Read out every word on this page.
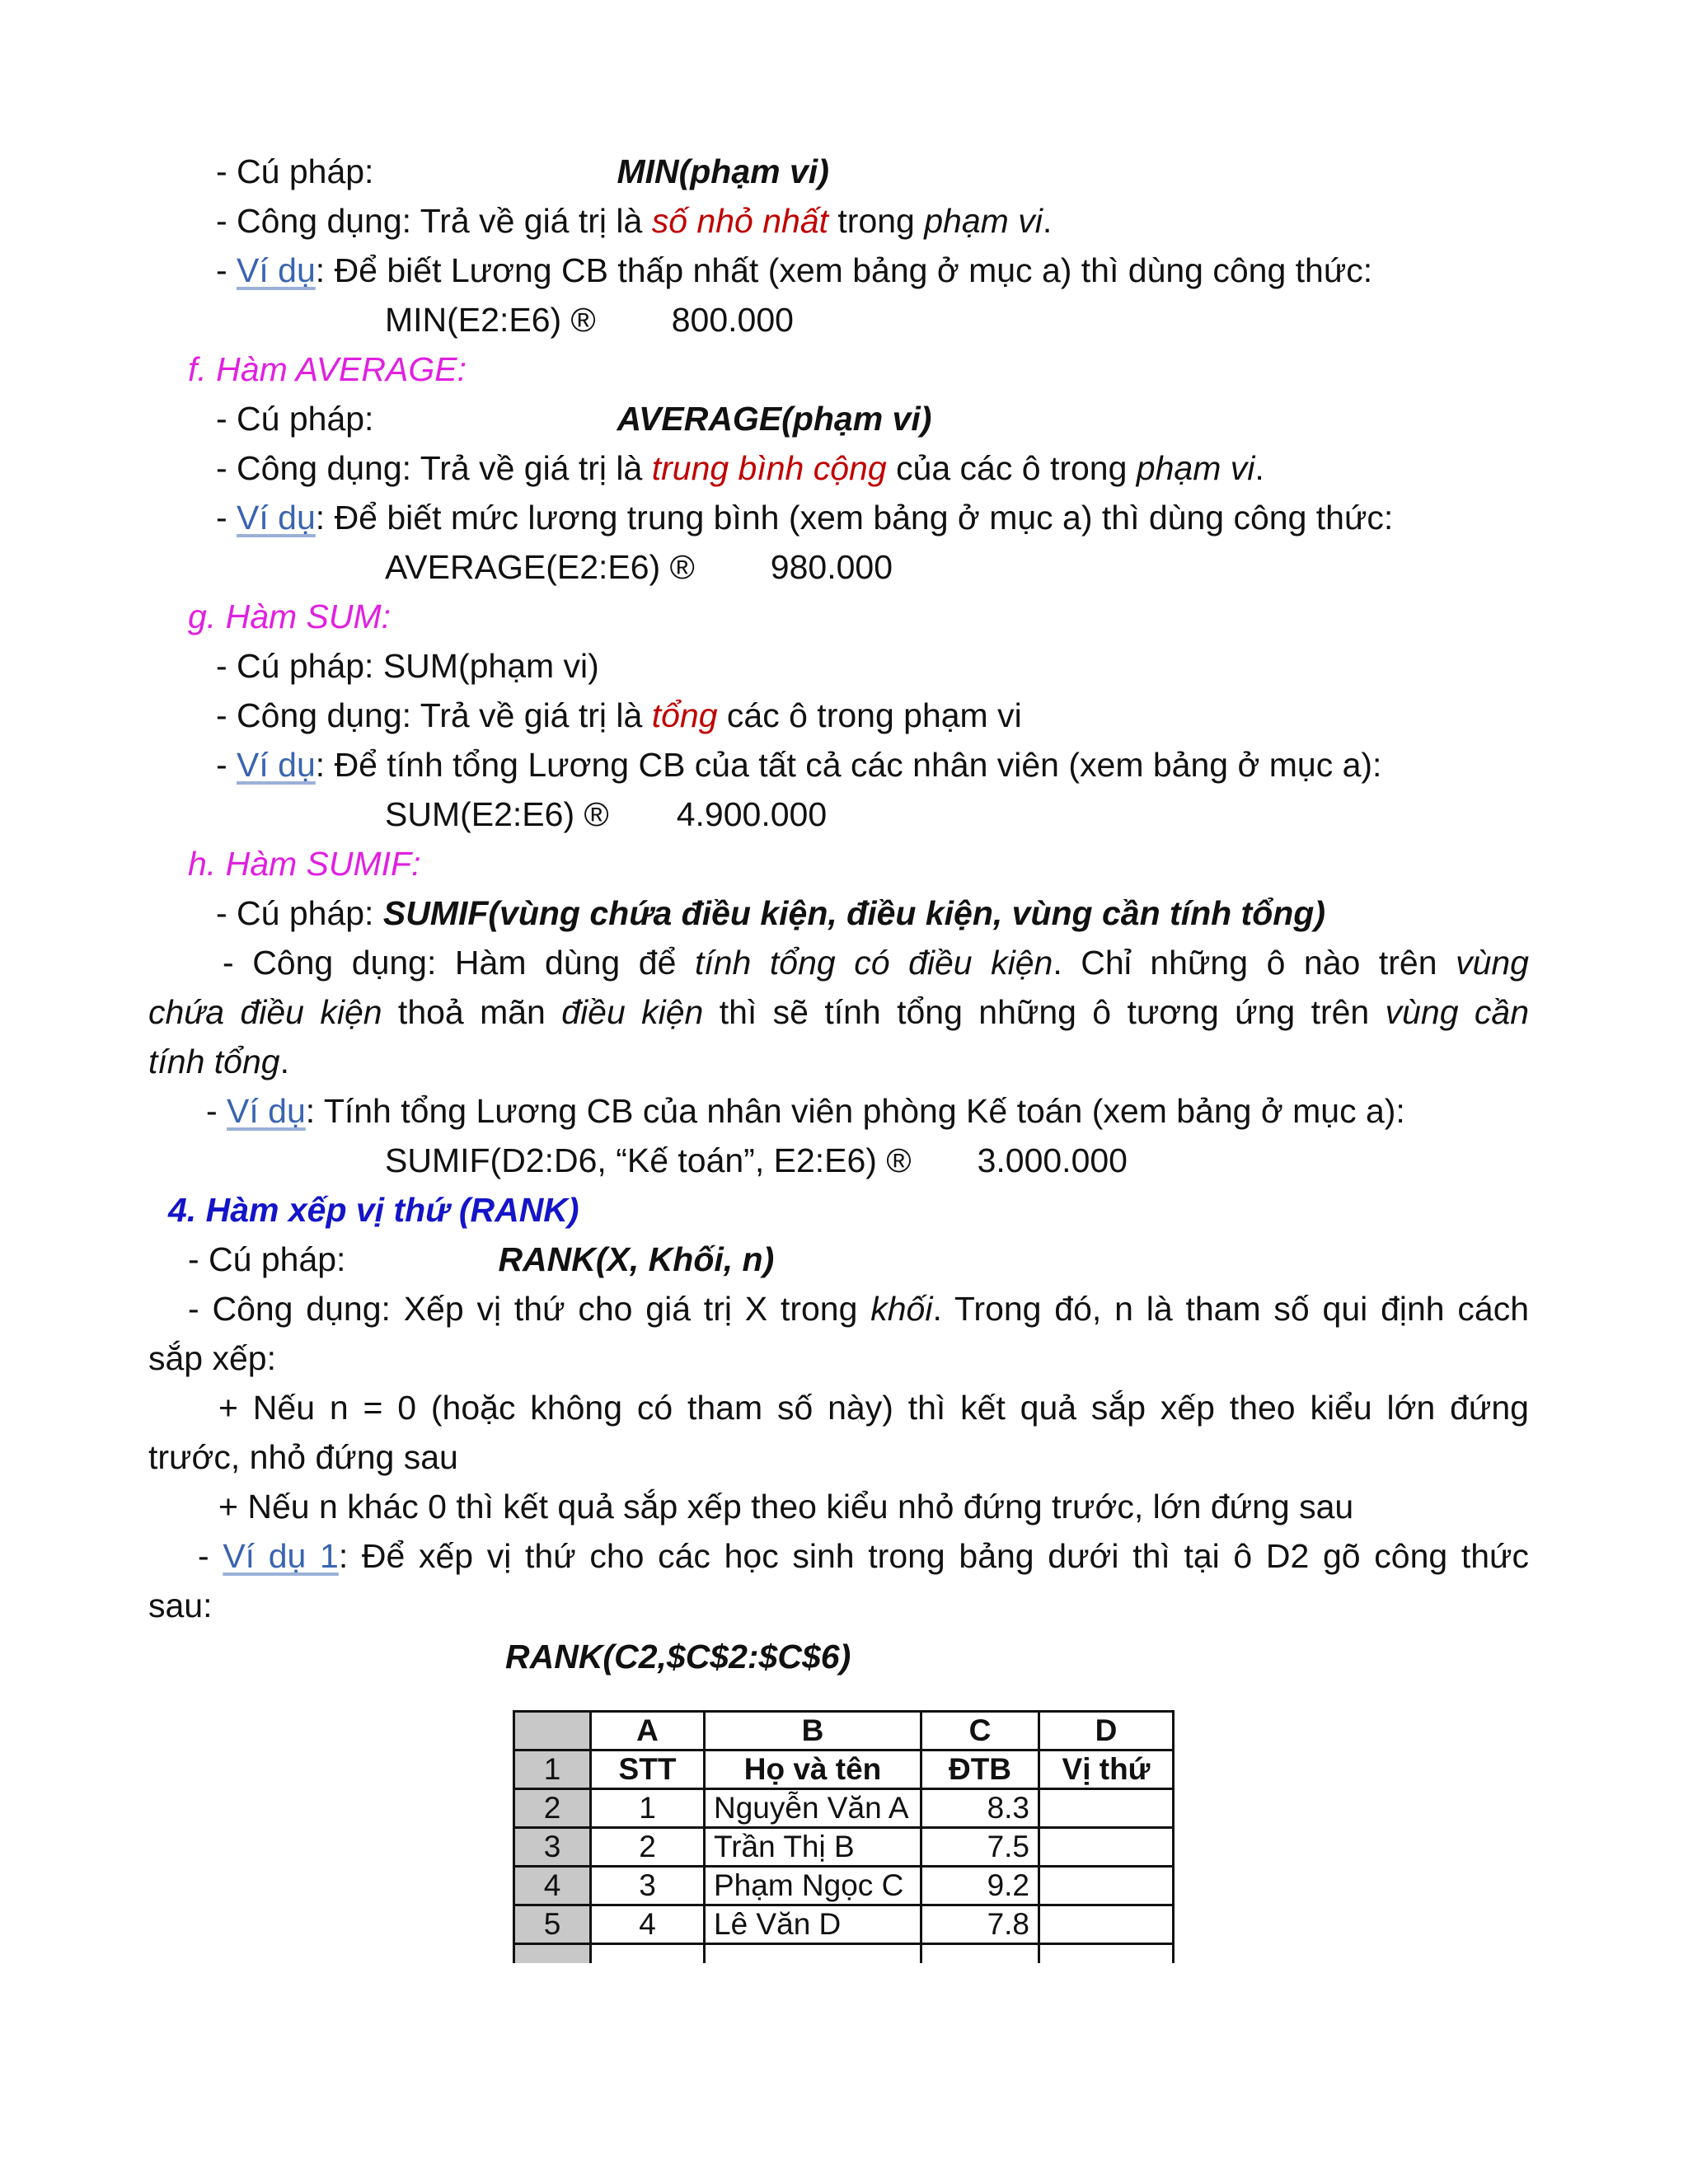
- Cú pháp:	MIN(phạm vi)

- Công dụng: Trả về giá trị là số nhỏ nhất trong phạm vi.

- Ví dụ: Để biết Lương CB thấp nhất (xem bảng ở mục a) thì dùng công thức:

MIN(E2:E6) ® 800.000

f. Hàm AVERAGE:

- Cú pháp:	AVERAGE(phạm vi)

- Công dụng: Trả về giá trị là trung bình cộng của các ô trong phạm vi.

- Ví dụ: Để biết mức lương trung bình (xem bảng ở mục a) thì dùng công thức:

AVERAGE(E2:E6) ® 980.000

g. Hàm SUM:

- Cú pháp: SUM(phạm vi)

- Công dụng: Trả về giá trị là tổng các ô trong phạm vi

- Ví dụ: Để tính tổng Lương CB của tất cả các nhân viên (xem bảng ở mục a):

SUM(E2:E6) ® 4.900.000

h. Hàm SUMIF:

- Cú pháp: SUMIF(vùng chứa điều kiện, điều kiện, vùng cần tính tổng)

- Công dụng: Hàm dùng để tính tổng có điều kiện. Chỉ những ô nào trên vùng

chứa điều kiện thoả mãn điều kiện thì sẽ tính tổng những ô tương ứng trên vùng cần

tính tổng.

- Ví dụ: Tính tổng Lương CB của nhân viên phòng Kế toán (xem bảng ở mục a):

SUMIF(D2:D6, “Kế toán”, E2:E6) ® 3.000.000

4. Hàm xếp vị thứ (RANK)

- Cú pháp:	RANK(X, Khối, n)

- Công dụng: Xếp vị thứ cho giá trị X trong khối. Trong đó, n là tham số qui định cách

sắp xếp:

+ Nếu n = 0 (hoặc không có tham số này) thì kết quả sắp xếp theo kiểu lớn đứng

trước, nhỏ đứng sau

+ Nếu n khác 0 thì kết quả sắp xếp theo kiểu nhỏ đứng trước, lớn đứng sau

- Ví dụ 1: Để xếp vị thứ cho các học sinh trong bảng dưới thì tại ô D2 gõ công thức

sau:

RANK(C2,$C$2:$C$6)

	A	B	C	D
1	STT	Họ và tên	ĐTB	Vị thứ
2	1	Nguyễn Văn A	8.3	
3	2	Trần Thị B	7.5	
4	3	Phạm Ngọc C	9.2	
5	4	Lê Văn D	7.8	
